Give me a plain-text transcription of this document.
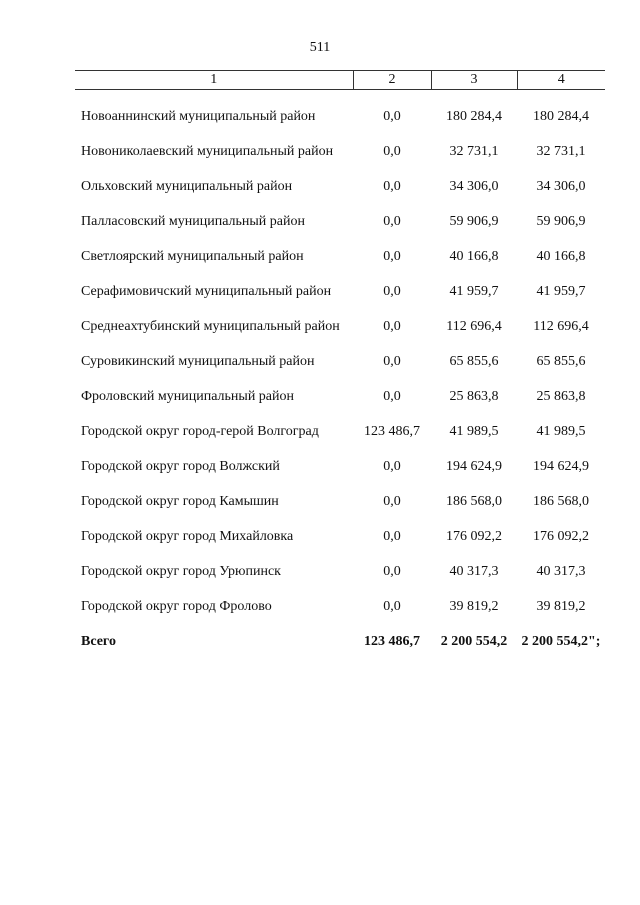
511
1	2	3	4

Новоаннинский муниципальный район	0,0	180 284,4	180 284,4
Новониколаевский муниципальный район	0,0	32 731,1	32 731,1
Ольховский муниципальный район	0,0	34 306,0	34 306,0
Палласовский муниципальный район	0,0	59 906,9	59 906,9
Светлоярский муниципальный район	0,0	40 166,8	40 166,8
Серафимовичский муниципальный район	0,0	41 959,7	41 959,7
Среднеахтубинский муниципальный район	0,0	112 696,4	112 696,4
Суровикинский муниципальный район	0,0	65 855,6	65 855,6
Фроловский муниципальный район	0,0	25 863,8	25 863,8
Городской округ город-герой Волгоград	123 486,7	41 989,5	41 989,5
Городской округ город Волжский	0,0	194 624,9	194 624,9
Городской округ город Камышин	0,0	186 568,0	186 568,0
Городской округ город Михайловка	0,0	176 092,2	176 092,2
Городской округ город Урюпинск	0,0	40 317,3	40 317,3
Городской округ город Фролово	0,0	39 819,2	39 819,2
Всего	123 486,7	2 200 554,2	2 200 554,2";
